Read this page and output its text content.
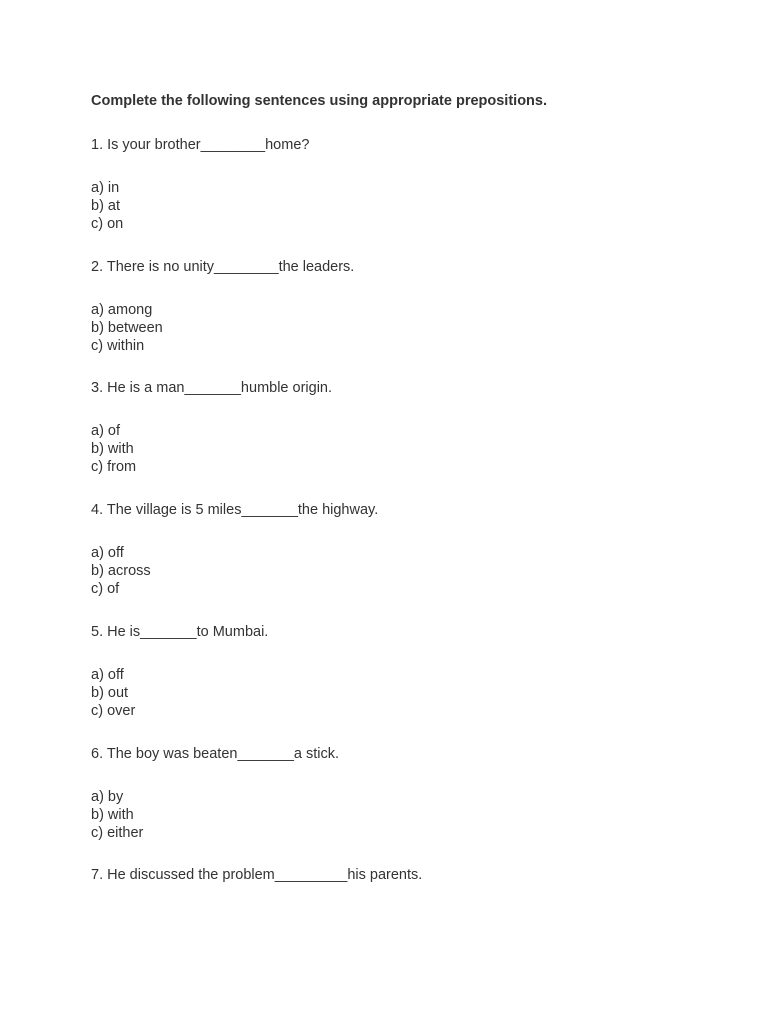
Complete the following sentences using appropriate prepositions.

1. Is your brother________home?

a) in
b) at
c) on

2. There is no unity________the leaders.

a) among
b) between
c) within

3. He is a man_______humble origin.

a) of
b) with
c) from

4. The village is 5 miles_______the highway.

a) off
b) across
c) of

5. He is_______to Mumbai.

a) off
b) out
c) over

6. The boy was beaten_______a stick.

a) by
b) with
c) either

7. He discussed the problem_________his parents.
